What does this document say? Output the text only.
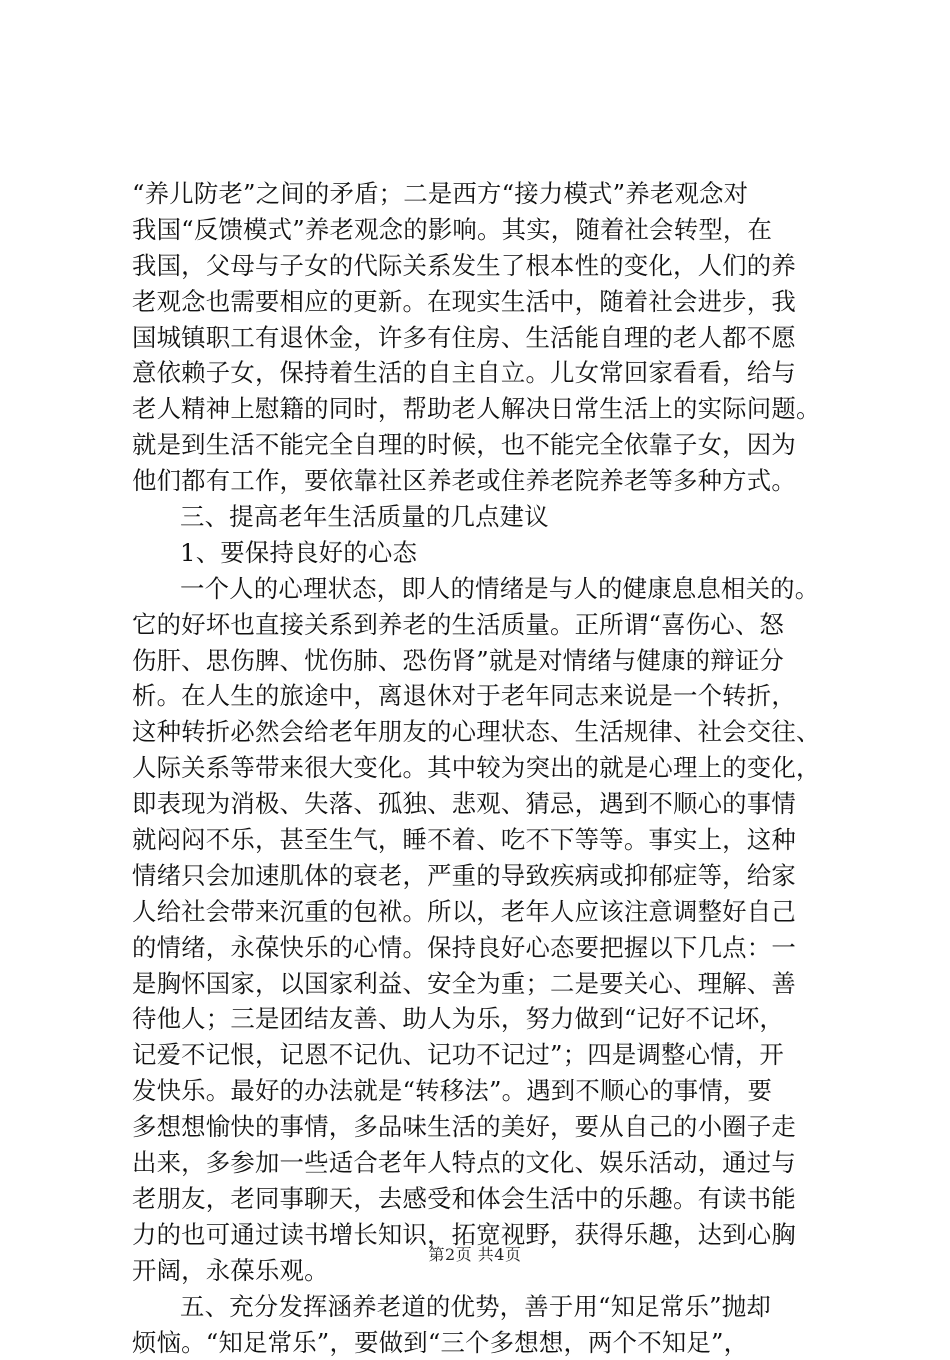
“养儿防老”之间的矛盾；二是西方“接力模式”养老观念对
我国“反馈模式”养老观念的影响。其实，随着社会转型，在
我国，父母与子女的代际关系发生了根本性的变化，人们的养
老观念也需要相应的更新。在现实生活中，随着社会进步，我
国城镇职工有退休金，许多有住房、生活能自理的老人都不愿
意依赖子女，保持着生活的自主自立。儿女常回家看看，给与
老人精神上慰籍的同时，帮助老人解决日常生活上的实际问题。
就是到生活不能完全自理的时候，也不能完全依靠子女，因为
他们都有工作，要依靠社区养老或住养老院养老等多种方式。
三、提高老年生活质量的几点建议
1、要保持良好的心态
一个人的心理状态，即人的情绪是与人的健康息息相关的。
它的好坏也直接关系到养老的生活质量。正所谓“喜伤心、怒
伤肝、思伤脾、忧伤肺、恐伤肾”就是对情绪与健康的辩证分
析。在人生的旅途中，离退休对于老年同志来说是一个转折，
这种转折必然会给老年朋友的心理状态、生活规律、社会交往、
人际关系等带来很大变化。其中较为突出的就是心理上的变化，
即表现为消极、失落、孤独、悲观、猜忌，遇到不顺心的事情
就闷闷不乐，甚至生气，睡不着、吃不下等等。事实上，这种
情绪只会加速肌体的衰老，严重的导致疾病或抑郁症等，给家
人给社会带来沉重的包袱。所以，老年人应该注意调整好自己
的情绪，永葆快乐的心情。保持良好心态要把握以下几点：一
是胸怀国家，以国家利益、安全为重；二是要关心、理解、善
待他人；三是团结友善、助人为乐，努力做到“记好不记坏，
记爱不记恨，记恩不记仇、记功不记过”；四是调整心情，开
发快乐。最好的办法就是“转移法”。遇到不顺心的事情，要
多想想愉快的事情，多品味生活的美好，要从自己的小圈子走
出来，多参加一些适合老年人特点的文化、娱乐活动，通过与
老朋友，老同事聊天，去感受和体会生活中的乐趣。有读书能
力的也可通过读书增长知识，拓宽视野，获得乐趣，达到心胸
开阔，永葆乐观。
五、充分发挥涵养老道的优势，善于用“知足常乐”抛却
烦恼。“知足常乐”，要做到“三个多想想，两个不知足”，
第2页 共4页
